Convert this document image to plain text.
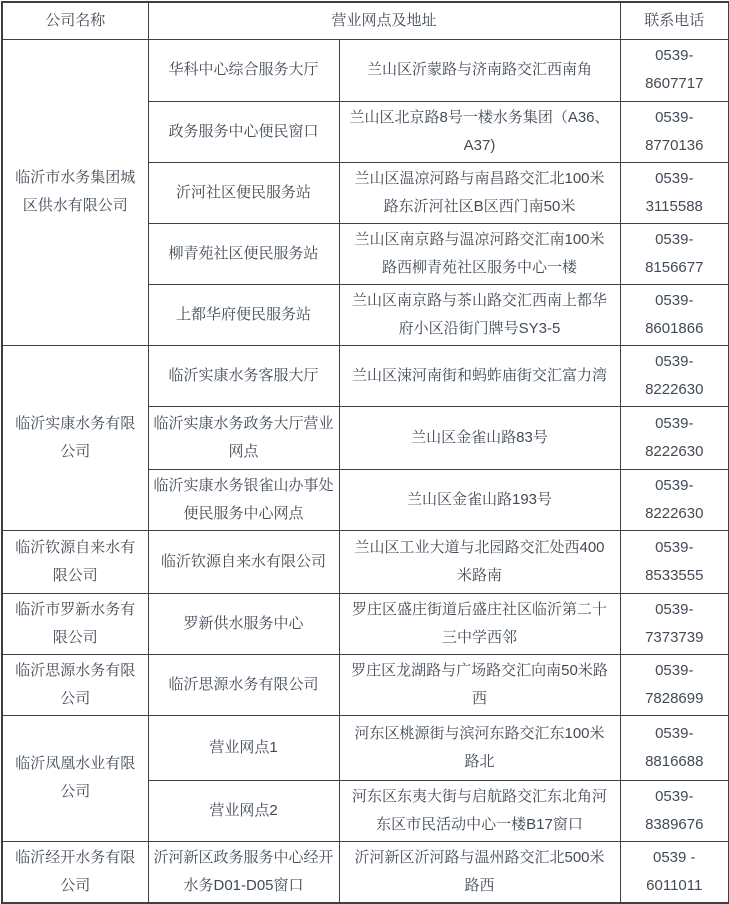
公司名称	营业网点及地址		联系电话
临沂市水务集团城区供水有限公司	华科中心综合服务大厅	兰山区沂蒙路与济南路交汇西南角	0539-8607717
	政务服务中心便民窗口	兰山区北京路8号一楼水务集团（A36、A37)	0539-8770136
	沂河社区便民服务站	兰山区温凉河路与南昌路交汇北100米路东沂河社区B区西门南50米	0539-3115588
	柳青苑社区便民服务站	兰山区南京路与温凉河路交汇南100米路西柳青苑社区服务中心一楼	0539-8156677
	上都华府便民服务站	兰山区南京路与茶山路交汇西南上都华府小区沿街门牌号SY3-5	0539-8601866
临沂实康水务有限公司	临沂实康水务客服大厅	兰山区涑河南街和蚂蚱庙街交汇富力湾	0539-8222630
	临沂实康水务政务大厅营业网点	兰山区金雀山路83号	0539-8222630
	临沂实康水务银雀山办事处便民服务中心网点	兰山区金雀山路193号	0539-8222630
临沂钦源自来水有限公司	临沂钦源自来水有限公司	兰山区工业大道与北园路交汇处西400米路南	0539-8533555
临沂市罗新水务有限公司	罗新供水服务中心	罗庄区盛庄街道后盛庄社区临沂第二十三中学西邻	0539-7373739
临沂思源水务有限公司	临沂思源水务有限公司	罗庄区龙湖路与广场路交汇向南50米路西	0539-7828699
临沂凤凰水业有限公司	营业网点1	河东区桃源街与滨河东路交汇东100米路北	0539-8816688
	营业网点2	河东区东夷大街与启航路交汇东北角河东区市民活动中心一楼B17窗口	0539-8389676
临沂经开水务有限公司	沂河新区政务服务中心经开水务D01-D05窗口	沂河新区沂河路与温州路交汇北500米路西	0539 - 6011011
